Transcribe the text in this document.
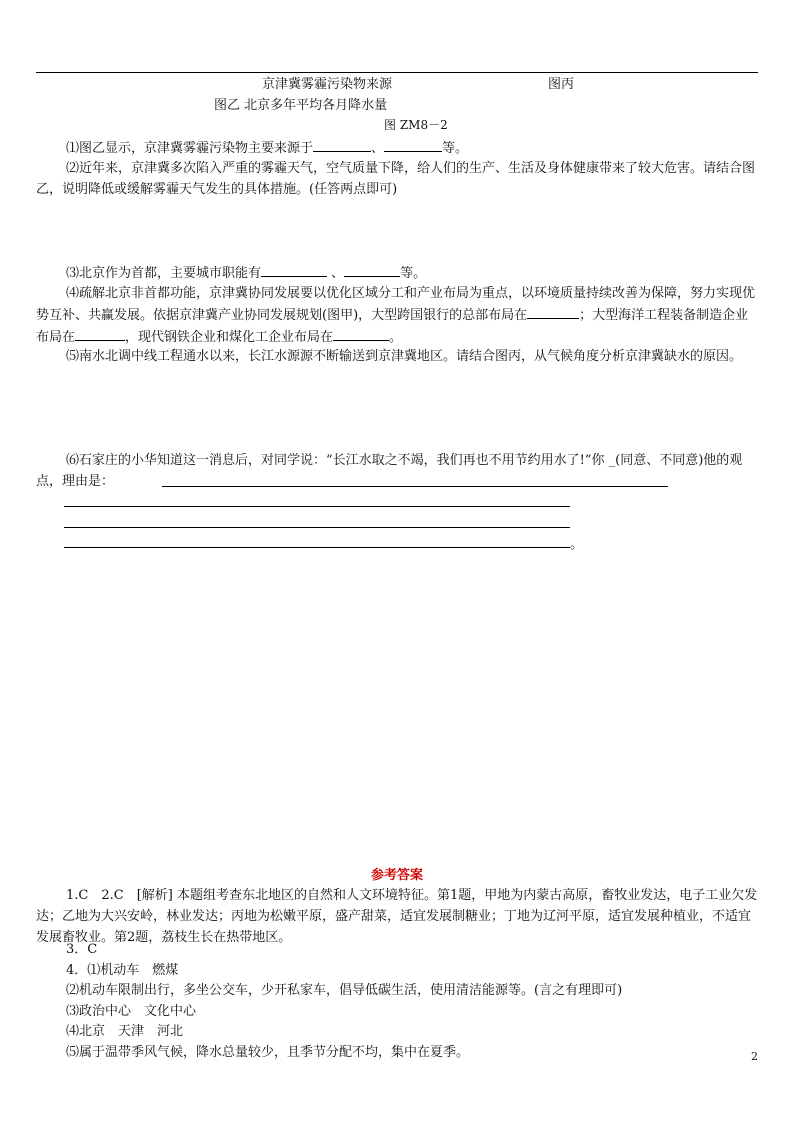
京津冀雾霾污染物来源	图丙
图乙 北京多年平均各月降水量
图 ZM8－2
⑴图乙显示，京津冀雾霾污染物主要来源于	、	等。
⑵近年来，京津冀多次陷入严重的雾霾天气，空气质量下降，给人们的生产、生活及身体健康带来了较大危害。请结合图乙，说明降低或缓解雾霾天气发生的具体措施。(任答两点即可)
⑶北京作为首都，主要城市职能有	、	等。
⑷疏解北京非首都功能，京津冀协同发展要以优化区域分工和产业布局为重点，以环境质量持续改善为保障，努力实现优势互补、共赢发展。依据京津冀产业协同发展规划(图甲)，大型跨国银行的总部布局在	；大型海洋工程装备制造企业布局在	，现代钢铁企业和煤化工企业布局在	。
⑸南水北调中线工程通水以来，长江水源源不断输送到京津冀地区。请结合图丙，从气候角度分析京津冀缺水的原因。
⑹石家庄的小华知道这一消息后，对同学说：“长江水取之不竭，我们再也不用节约用水了!”你 _(同意、不同意)他的观点，理由是：
。
参考答案
1.C　2.C　[解析] 本题组考查东北地区的自然和人文环境特征。第1题，甲地为内蒙古高原，畜牧业发达，电子工业欠发达；乙地为大兴安岭，林业发达；丙地为松嫩平原，盛产甜菜，适宜发展制糖业；丁地为辽河平原，适宜发展种植业，不适宜发展畜牧业。第2题，荔枝生长在热带地区。
3．C
4．⑴机动车　燃煤
⑵机动车限制出行，多坐公交车，少开私家车，倡导低碳生活，使用清洁能源等。(言之有理即可)
⑶政治中心　文化中心
⑷北京　天津　河北
⑸属于温带季风气候，降水总量较少，且季节分配不均，集中在夏季。	2
